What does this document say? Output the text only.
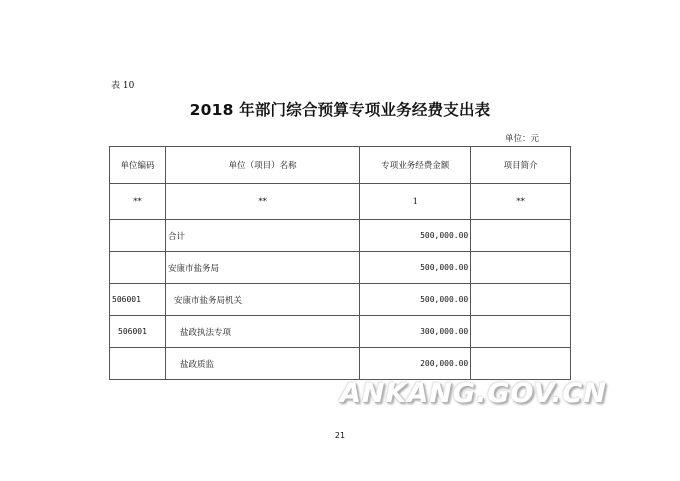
表 10
2018 年部门综合预算专项业务经费支出表
单位：元
单位编码	单位（项目）名称	专项业务经费金额	项目简介
**	**	1	**
	合计	500,000.00	
	安康市盐务局	500,000.00	
506001	安康市盐务局机关	500,000.00	
506001	盐政执法专项	300,000.00	
	盐政质监	200,000.00	
ANKANG.GOV.CN
21
